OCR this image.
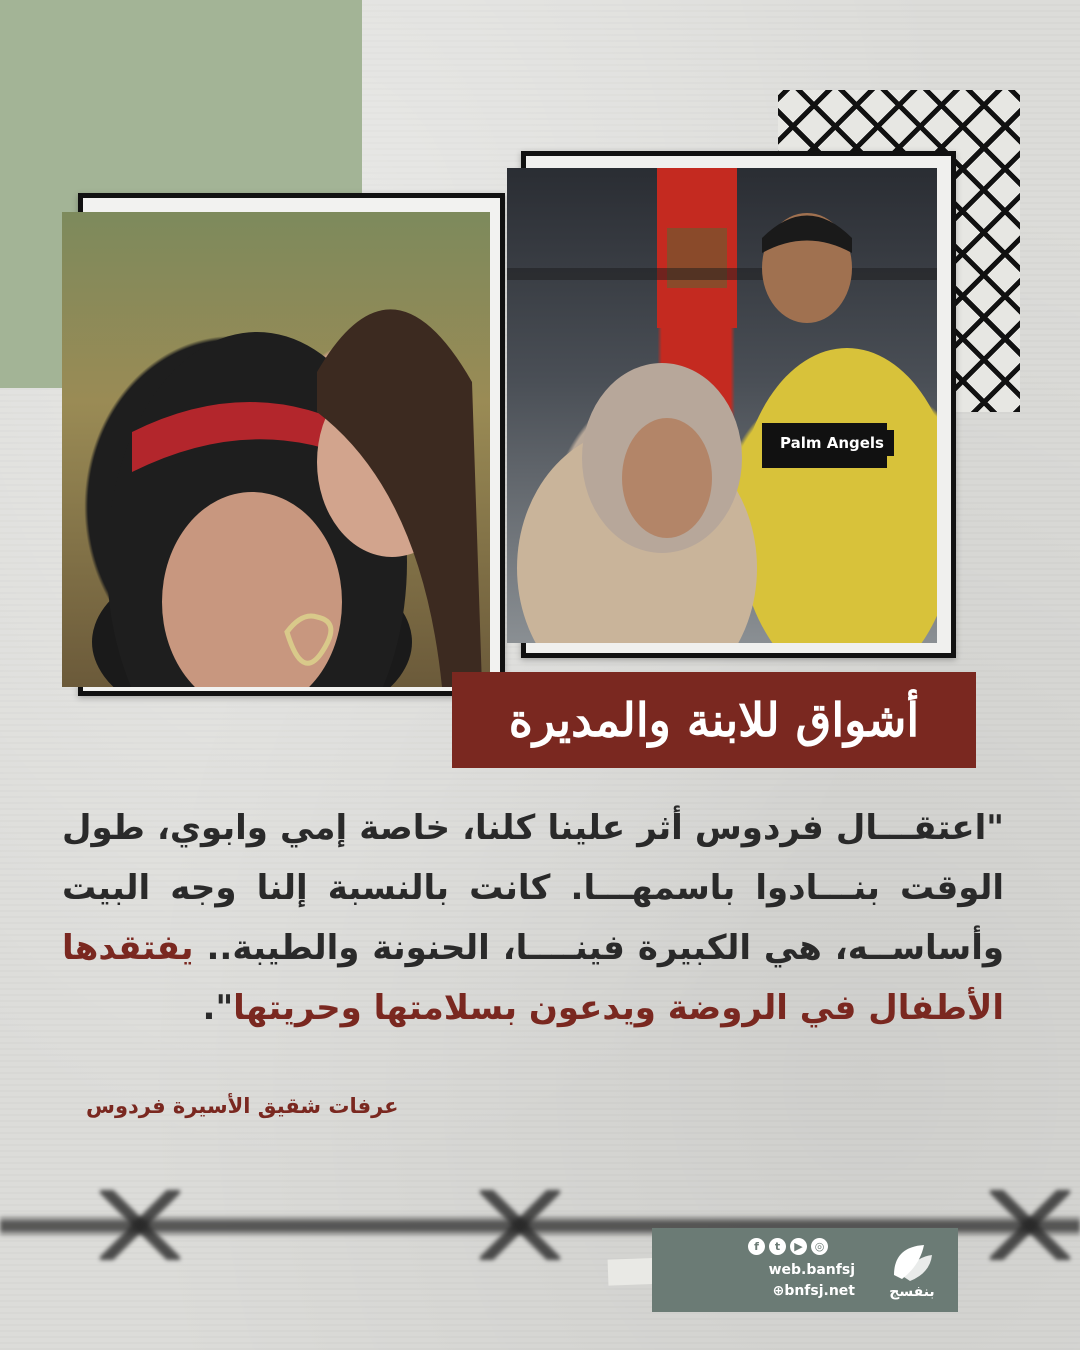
Palm Angels
أشواق للابنة والمديرة
"اعتقـــال فردوس أثر علينا كلنا، خاصة إمي وابوي، طول الوقت بنـــادوا باسمهـــا. كانت بالنسبة إلنا وجه البيت وأساســه، هي الكبيرة فينــــا، الحنونة والطيبة.. يفتقدها الأطفال في الروضة ويدعون بسلامتها وحريتها".
عرفات شقيق الأسيرة فردوس
f	t	▶	◎
web.banfsj
⊕bnfsj.net	بنفسج
